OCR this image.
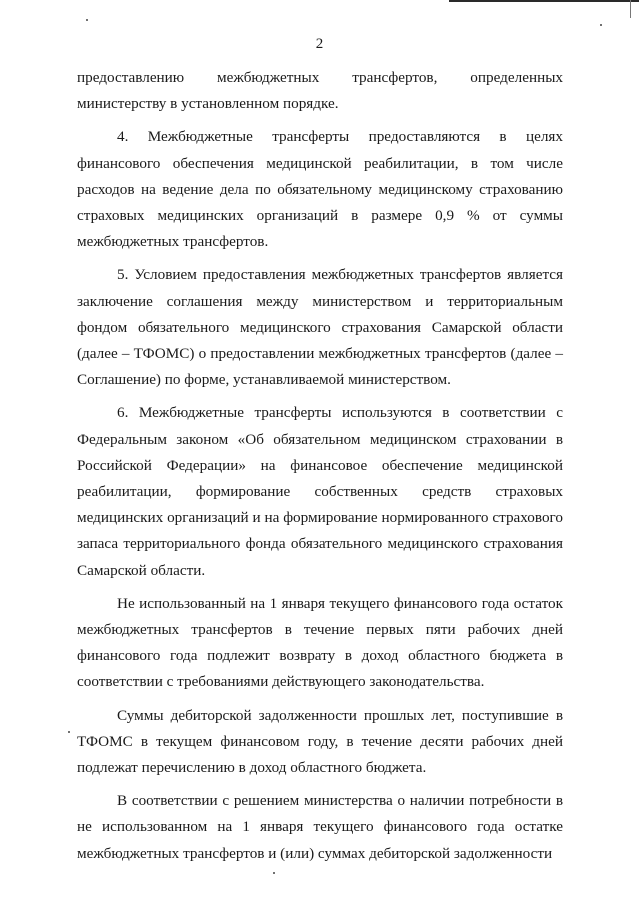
2

предоставлению межбюджетных трансфертов, определенных министерству в установленном порядке.

4. Межбюджетные трансферты предоставляются в целях финансового обеспечения медицинской реабилитации, в том числе расходов на ведение дела по обязательному медицинскому страхованию страховых медицинских организаций в размере 0,9 % от суммы межбюджетных трансфертов.

5. Условием предоставления межбюджетных трансфертов является заключение соглашения между министерством и территориальным фондом обязательного медицинского страхования Самарской области (далее – ТФОМС) о предоставлении межбюджетных трансфертов (далее – Соглашение) по форме, устанавливаемой министерством.

6. Межбюджетные трансферты используются в соответствии с Федеральным законом «Об обязательном медицинском страховании в Российской Федерации» на финансовое обеспечение медицинской реабилитации, формирование собственных средств страховых медицинских организаций и на формирование нормированного страхового запаса территориального фонда обязательного медицинского страхования Самарской области.

Не использованный на 1 января текущего финансового года остаток межбюджетных трансфертов в течение первых пяти рабочих дней финансового года подлежит возврату в доход областного бюджета в соответствии с требованиями действующего законодательства.

Суммы дебиторской задолженности прошлых лет, поступившие в ТФОМС в текущем финансовом году, в течение десяти рабочих дней подлежат перечислению в доход областного бюджета.

В соответствии с решением министерства о наличии потребности в не использованном на 1 января текущего финансового года остатке межбюджетных трансфертов и (или) суммах дебиторской задолженности
